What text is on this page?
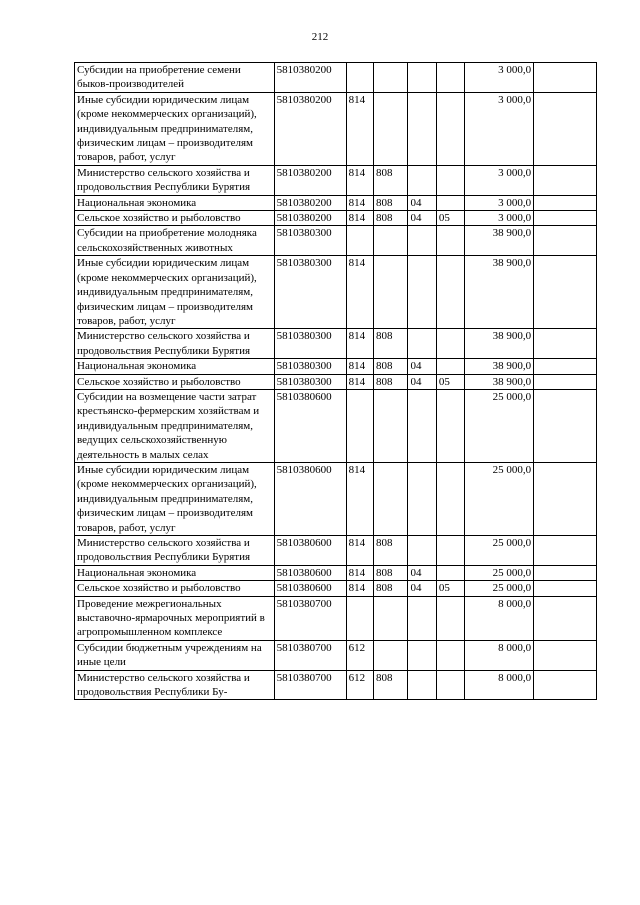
212
Субсидии на приобретение семени быков-производителей	5810380200					3 000,0	
Иные субсидии юридическим лицам (кроме некоммерческих организаций), индивидуальным предпринимателям, физическим лицам – производителям товаров, работ, услуг	5810380200	814				3 000,0	
Министерство сельского хозяйства и продовольствия Республики Бурятия	5810380200	814	808			3 000,0	
Национальная экономика	5810380200	814	808	04		3 000,0	
Сельское хозяйство и рыболовство	5810380200	814	808	04	05	3 000,0	
Субсидии на приобретение молодняка сельскохозяйственных животных	5810380300					38 900,0	
Иные субсидии юридическим лицам (кроме некоммерческих организаций), индивидуальным предпринимателям, физическим лицам – производителям товаров, работ, услуг	5810380300	814				38 900,0	
Министерство сельского хозяйства и продовольствия Республики Бурятия	5810380300	814	808			38 900,0	
Национальная экономика	5810380300	814	808	04		38 900,0	
Сельское хозяйство и рыболовство	5810380300	814	808	04	05	38 900,0	
Субсидии на возмещение части затрат крестьянско-фермерским хозяйствам и индивидуальным предпринимателям, ведущих сельскохозяйственную деятельность в малых селах	5810380600					25 000,0	
Иные субсидии юридическим лицам (кроме некоммерческих организаций), индивидуальным предпринимателям, физическим лицам – производителям товаров, работ, услуг	5810380600	814				25 000,0	
Министерство сельского хозяйства и продовольствия Республики Бурятия	5810380600	814	808			25 000,0	
Национальная экономика	5810380600	814	808	04		25 000,0	
Сельское хозяйство и рыболовство	5810380600	814	808	04	05	25 000,0	
Проведение межрегиональных выставочно-ярмарочных мероприятий в агропромышленном комплексе	5810380700					8 000,0	
Субсидии бюджетным учреждениям на иные цели	5810380700	612				8 000,0	
Министерство сельского хозяйства и продовольствия Республики Бу-	5810380700	612	808			8 000,0	
